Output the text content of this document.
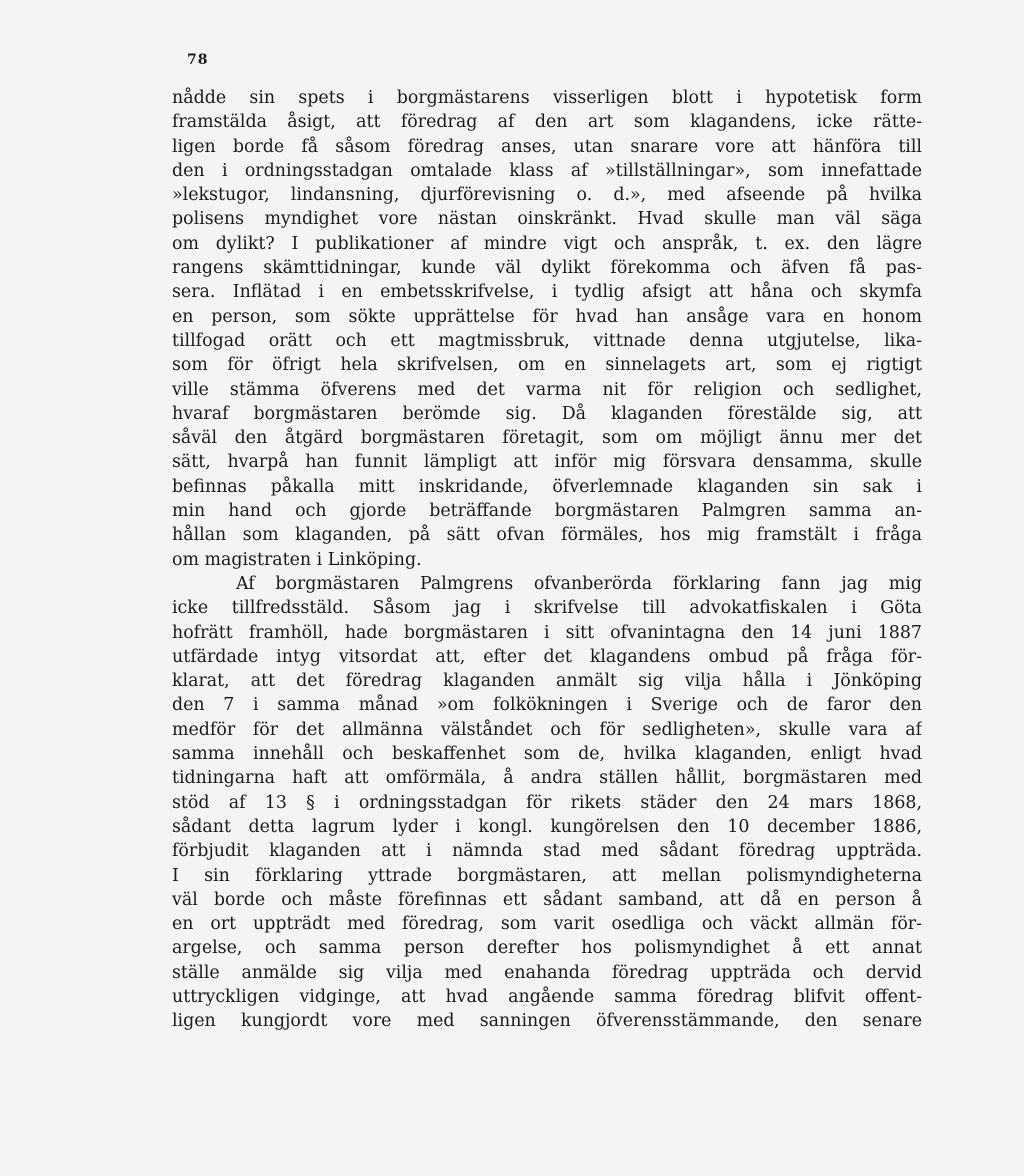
78
nådde sin spets i borgmästarens visserligen blott i hypotetisk form
framstälda åsigt, att föredrag af den art som klagandens, icke rätte-
ligen borde få såsom föredrag anses, utan snarare vore att hänföra till
den i ordningsstadgan omtalade klass af »tillställningar», som innefattade
»lekstugor, lindansning, djurförevisning o. d.», med afseende på hvilka
polisens myndighet vore nästan oinskränkt. Hvad skulle man väl säga
om dylikt? I publikationer af mindre vigt och anspråk, t. ex. den lägre
rangens skämttidningar, kunde väl dylikt förekomma och äfven få pas-
sera. Inflätad i en embetsskrifvelse, i tydlig afsigt att håna och skymfa
en person, som sökte upprättelse för hvad han ansåge vara en honom
tillfogad orätt och ett magtmissbruk, vittnade denna utgjutelse, lika-
som för öfrigt hela skrifvelsen, om en sinnelagets art, som ej rigtigt
ville stämma öfverens med det varma nit för religion och sedlighet,
hvaraf borgmästaren berömde sig. Då klaganden förestälde sig, att
såväl den åtgärd borgmästaren företagit, som om möjligt ännu mer det
sätt, hvarpå han funnit lämpligt att inför mig försvara densamma, skulle
befinnas påkalla mitt inskridande, öfverlemnade klaganden sin sak i
min hand och gjorde beträffande borgmästaren Palmgren samma an-
hållan som klaganden, på sätt ofvan förmäles, hos mig framstält i fråga
om magistraten i Linköping.
Af borgmästaren Palmgrens ofvanberörda förklaring fann jag mig
icke tillfredsstäld. Såsom jag i skrifvelse till advokatfiskalen i Göta
hofrätt framhöll, hade borgmästaren i sitt ofvanintagna den 14 juni 1887
utfärdade intyg vitsordat att, efter det klagandens ombud på fråga för-
klarat, att det föredrag klaganden anmält sig vilja hålla i Jönköping
den 7 i samma månad »om folkökningen i Sverige och de faror den
medför för det allmänna välståndet och för sedligheten», skulle vara af
samma innehåll och beskaffenhet som de, hvilka klaganden, enligt hvad
tidningarna haft att omförmäla, å andra ställen hållit, borgmästaren med
stöd af 13 § i ordningsstadgan för rikets städer den 24 mars 1868,
sådant detta lagrum lyder i kongl. kungörelsen den 10 december 1886,
förbjudit klaganden att i nämnda stad med sådant föredrag uppträda.
I sin förklaring yttrade borgmästaren, att mellan polismyndigheterna
väl borde och måste förefinnas ett sådant samband, att då en person å
en ort uppträdt med föredrag, som varit osedliga och väckt allmän för-
argelse, och samma person derefter hos polismyndighet å ett annat
ställe anmälde sig vilja med enahanda föredrag uppträda och dervid
uttryckligen vidginge, att hvad angående samma föredrag blifvit offent-
ligen kungjordt vore med sanningen öfverensstämmande, den senare
